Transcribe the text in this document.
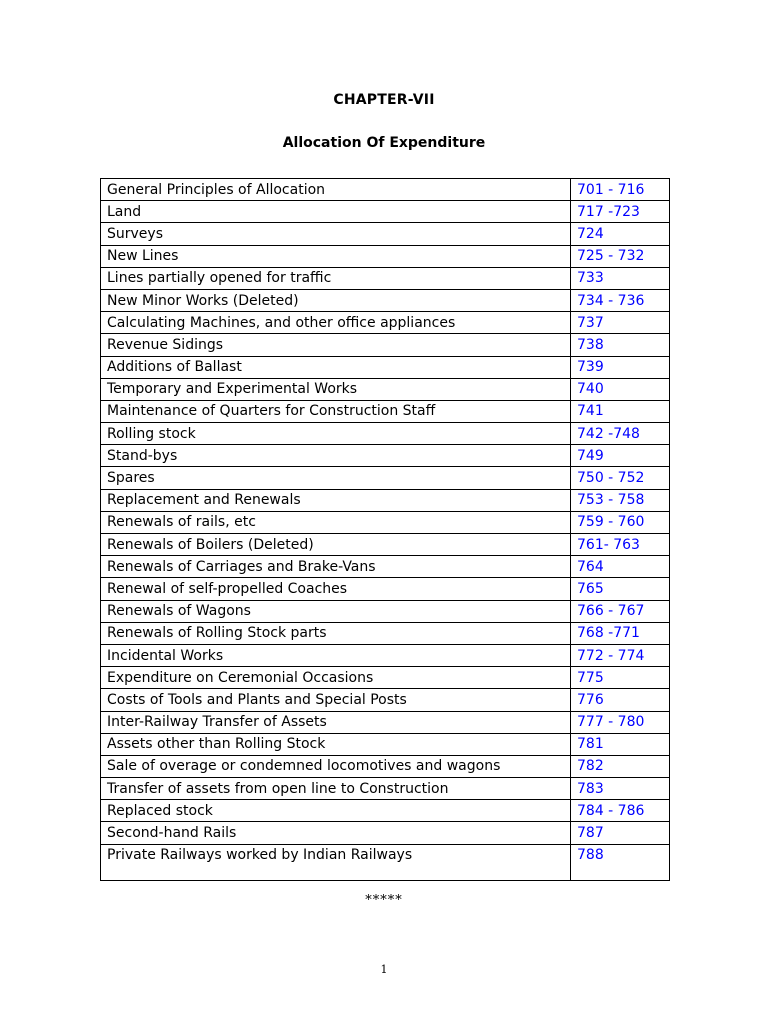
CHAPTER-VII
Allocation Of Expenditure
General Principles of Allocation	701 - 716
Land	717 -723
Surveys	724
New Lines	725 - 732
Lines partially opened for traffic	733
New Minor Works (Deleted)	734 - 736
Calculating Machines, and other office appliances	737
Revenue Sidings	738
Additions of Ballast	739
Temporary and Experimental Works	740
Maintenance of Quarters for Construction Staff	741
Rolling stock	742 -748
Stand-bys	749
Spares	750 - 752
Replacement and Renewals	753 - 758
Renewals of rails, etc	759 - 760
Renewals of Boilers (Deleted)	761- 763
Renewals of Carriages and Brake-Vans	764
Renewal of self-propelled Coaches	765
Renewals of Wagons	766 - 767
Renewals of Rolling Stock parts	768 -771
Incidental Works	772 - 774
Expenditure on Ceremonial Occasions	775
Costs of Tools and Plants and Special Posts	776
Inter-Railway Transfer of Assets	777 - 780
Assets other than Rolling Stock	781
Sale of overage or condemned locomotives and wagons	782
Transfer of assets from open line to Construction	783
Replaced stock	784 - 786
Second-hand Rails	787
Private Railways worked by Indian Railways	788
*****
1
